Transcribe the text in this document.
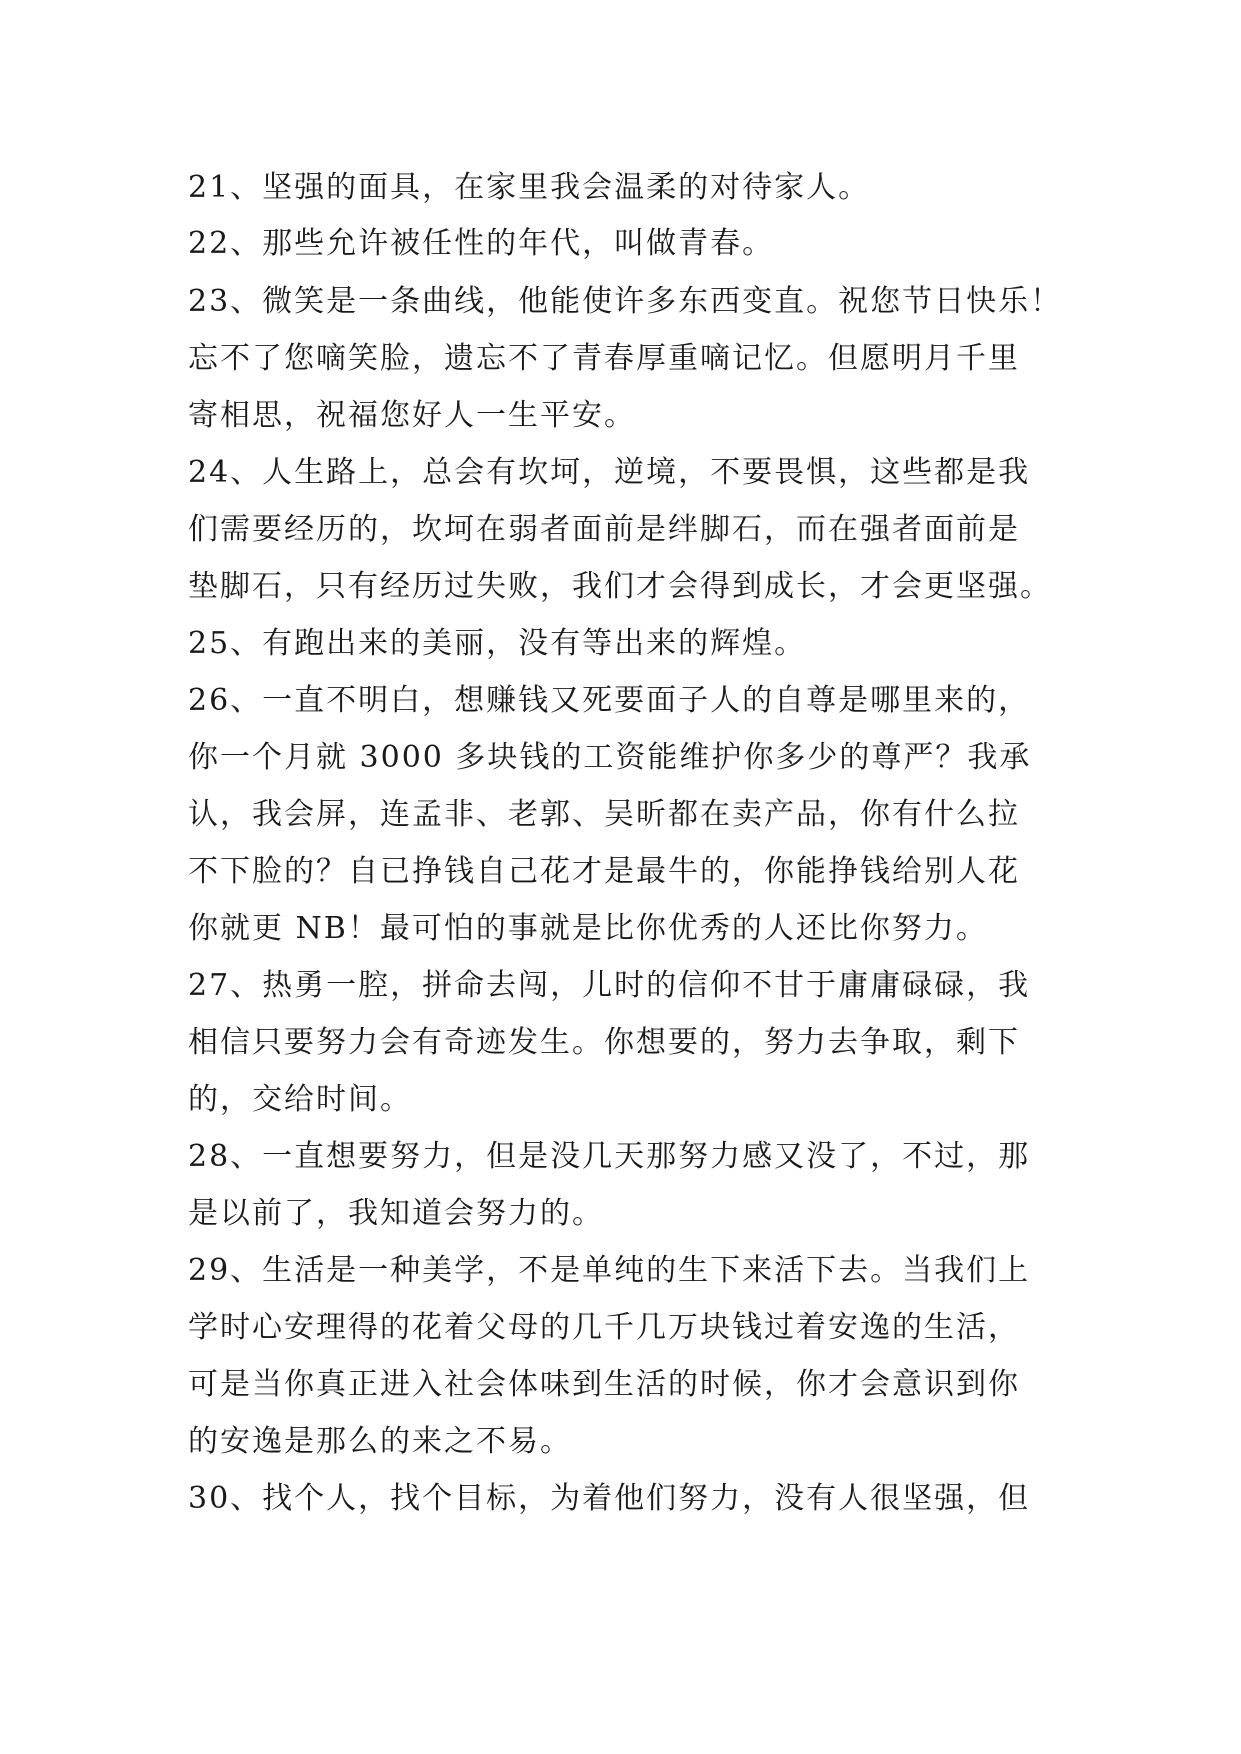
21、坚强的面具，在家里我会温柔的对待家人。
22、那些允许被任性的年代，叫做青春。
23、微笑是一条曲线，他能使许多东西变直。祝您节日快乐！
忘不了您嘀笑脸，遗忘不了青春厚重嘀记忆。但愿明月千里
寄相思，祝福您好人一生平安。
24、人生路上，总会有坎坷，逆境，不要畏惧，这些都是我
们需要经历的，坎坷在弱者面前是绊脚石，而在强者面前是
垫脚石，只有经历过失败，我们才会得到成长，才会更坚强。
25、有跑出来的美丽，没有等出来的辉煌。
26、一直不明白，想赚钱又死要面子人的自尊是哪里来的，
你一个月就 3000 多块钱的工资能维护你多少的尊严？我承
认，我会屏，连孟非、老郭、吴昕都在卖产品，你有什么拉
不下脸的？自已挣钱自己花才是最牛的，你能挣钱给别人花
你就更 NB！最可怕的事就是比你优秀的人还比你努力。
27、热勇一腔，拼命去闯，儿时的信仰不甘于庸庸碌碌，我
相信只要努力会有奇迹发生。你想要的，努力去争取，剩下
的，交给时间。
28、一直想要努力，但是没几天那努力感又没了，不过，那
是以前了，我知道会努力的。
29、生活是一种美学，不是单纯的生下来活下去。当我们上
学时心安理得的花着父母的几千几万块钱过着安逸的生活，
可是当你真正进入社会体味到生活的时候，你才会意识到你
的安逸是那么的来之不易。
30、找个人，找个目标，为着他们努力，没有人很坚强，但
